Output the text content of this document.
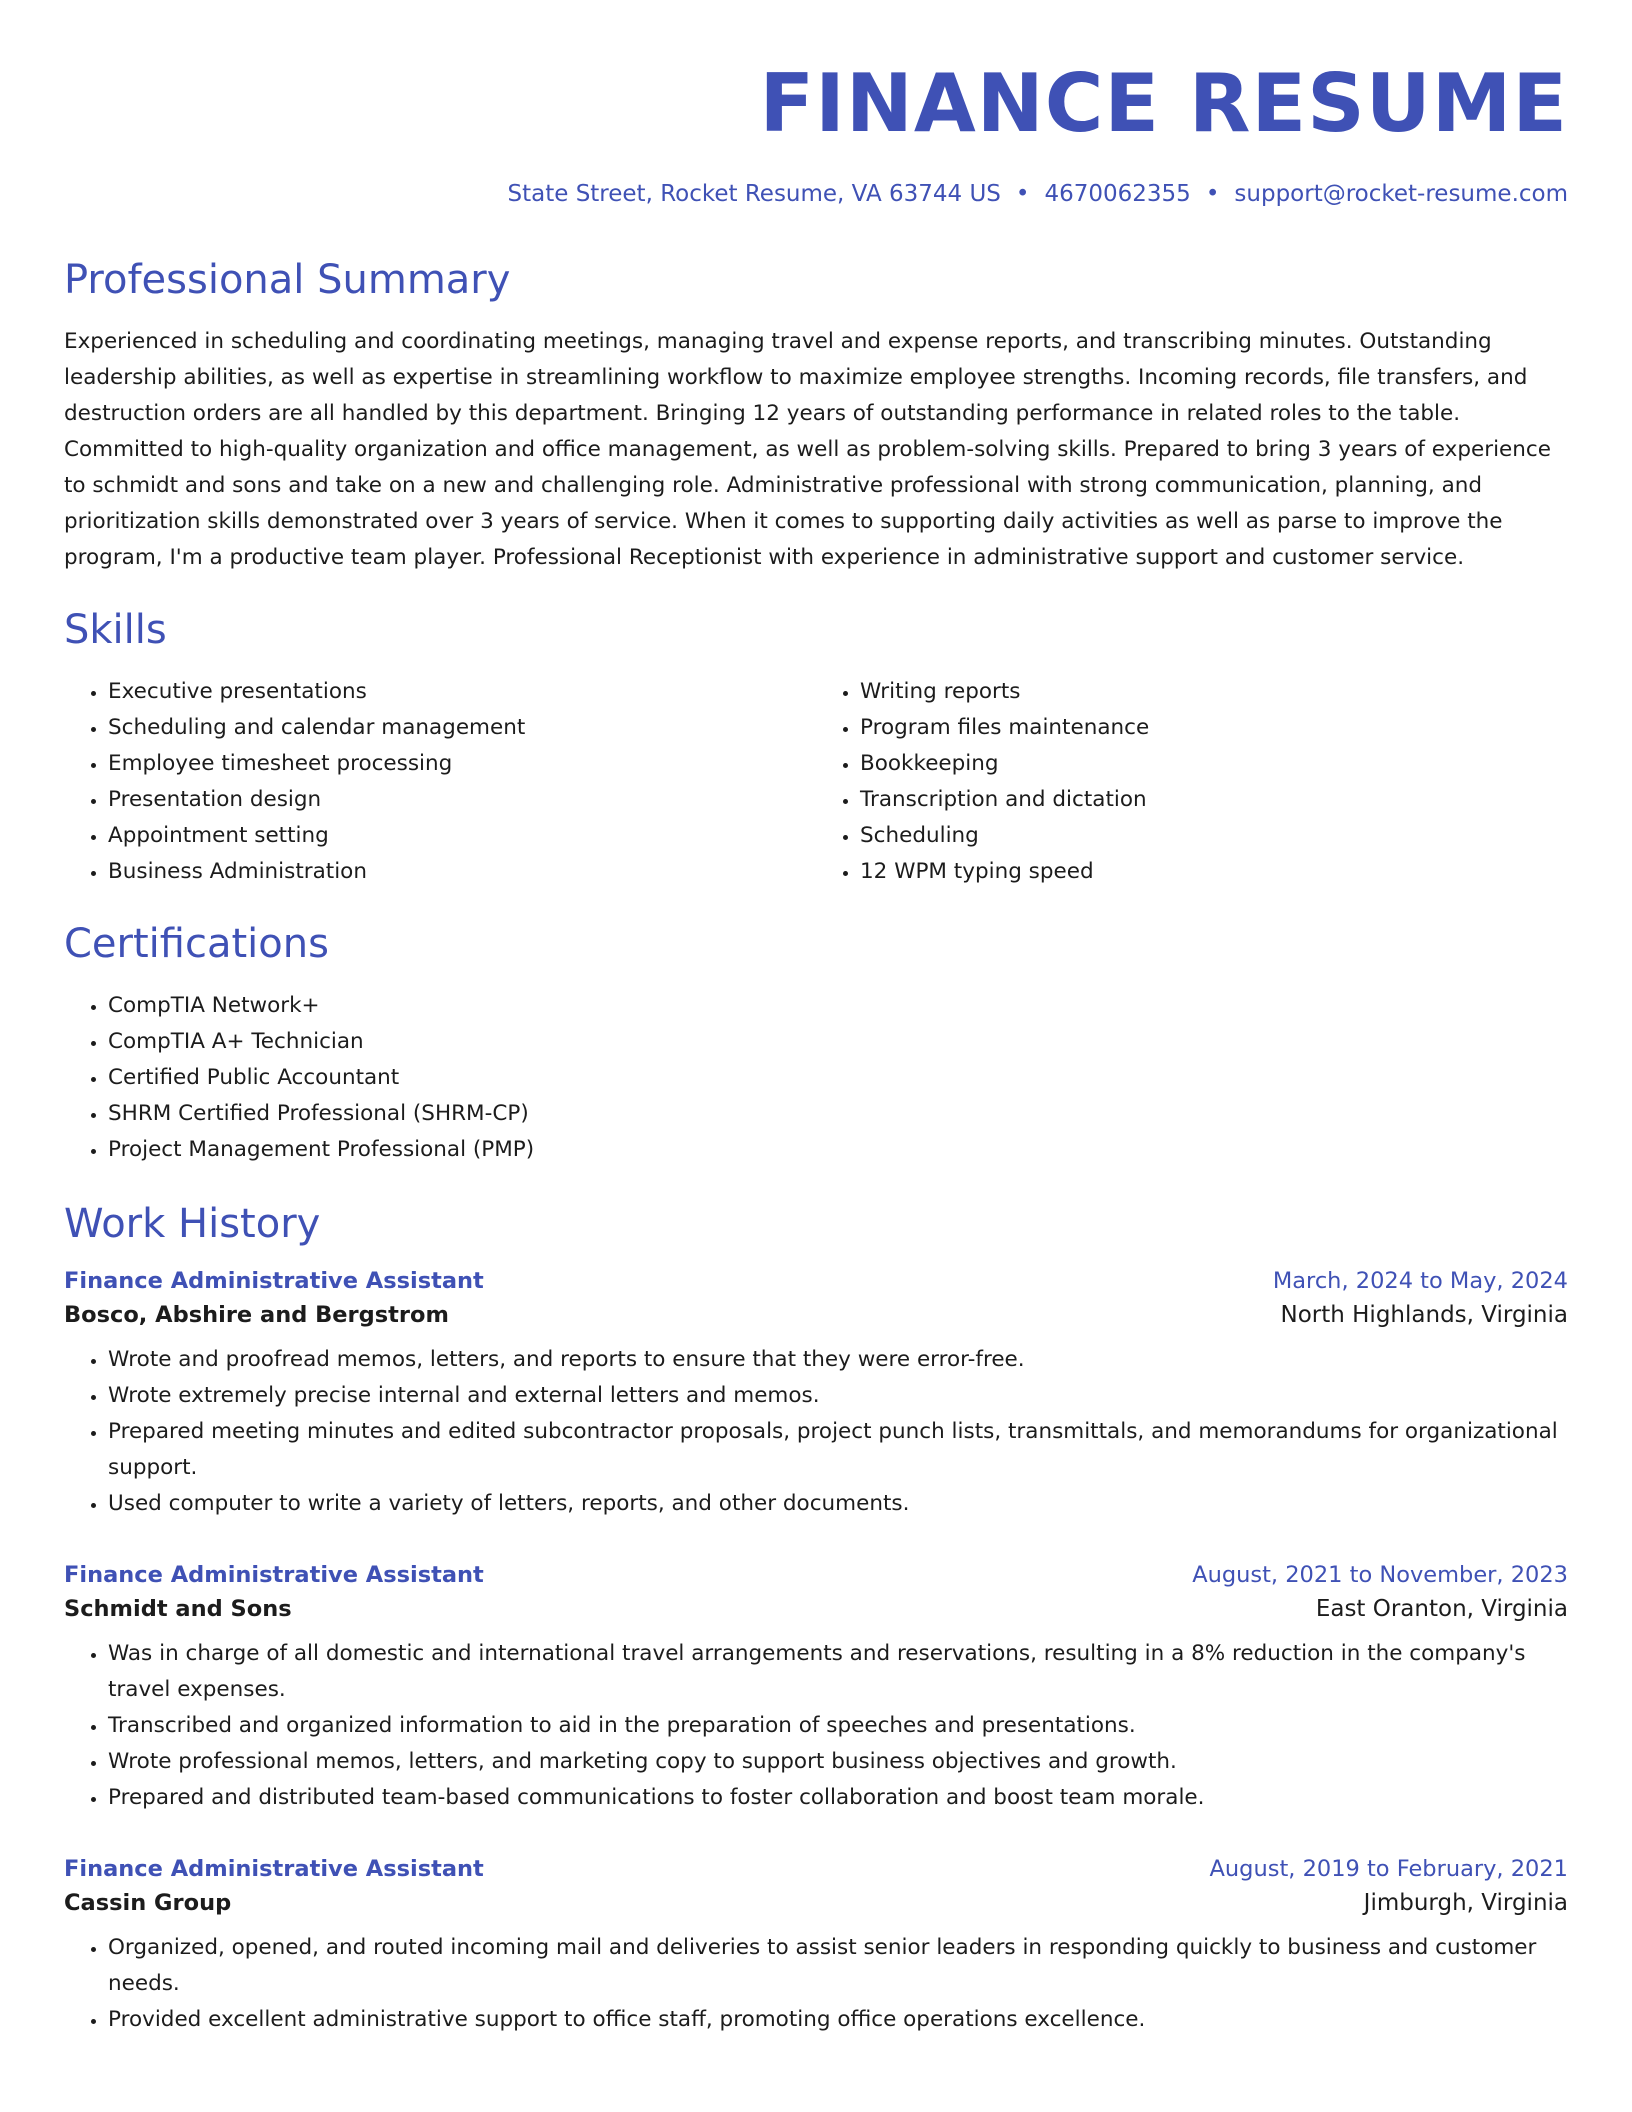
FINANCE RESUME
State Street, Rocket Resume, VA 63744 US • 4670062355 • support@rocket-resume.com
Professional Summary
Experienced in scheduling and coordinating meetings, managing travel and expense reports, and transcribing minutes. Outstanding leadership abilities, as well as expertise in streamlining workflow to maximize employee strengths. Incoming records, file transfers, and destruction orders are all handled by this department. Bringing 12 years of outstanding performance in related roles to the table. Committed to high-quality organization and office management, as well as problem-solving skills. Prepared to bring 3 years of experience to schmidt and sons and take on a new and challenging role. Administrative professional with strong communication, planning, and prioritization skills demonstrated over 3 years of service. When it comes to supporting daily activities as well as parse to improve the program, I'm a productive team player. Professional Receptionist with experience in administrative support and customer service.
Skills
• Executive presentations
• Scheduling and calendar management
• Employee timesheet processing
• Presentation design
• Appointment setting
• Business Administration
• Writing reports
• Program files maintenance
• Bookkeeping
• Transcription and dictation
• Scheduling
• 12 WPM typing speed
Certifications
• CompTIA Network+
• CompTIA A+ Technician
• Certified Public Accountant
• SHRM Certified Professional (SHRM-CP)
• Project Management Professional (PMP)
Work History
Finance Administrative Assistant	March, 2024 to May, 2024
Bosco, Abshire and Bergstrom	North Highlands, Virginia
• Wrote and proofread memos, letters, and reports to ensure that they were error-free.
• Wrote extremely precise internal and external letters and memos.
• Prepared meeting minutes and edited subcontractor proposals, project punch lists, transmittals, and memorandums for organizational support.
• Used computer to write a variety of letters, reports, and other documents.
Finance Administrative Assistant	August, 2021 to November, 2023
Schmidt and Sons	East Oranton, Virginia
• Was in charge of all domestic and international travel arrangements and reservations, resulting in a 8% reduction in the company's travel expenses.
• Transcribed and organized information to aid in the preparation of speeches and presentations.
• Wrote professional memos, letters, and marketing copy to support business objectives and growth.
• Prepared and distributed team-based communications to foster collaboration and boost team morale.
Finance Administrative Assistant	August, 2019 to February, 2021
Cassin Group	Jimburgh, Virginia
• Organized, opened, and routed incoming mail and deliveries to assist senior leaders in responding quickly to business and customer needs.
• Provided excellent administrative support to office staff, promoting office operations excellence.
